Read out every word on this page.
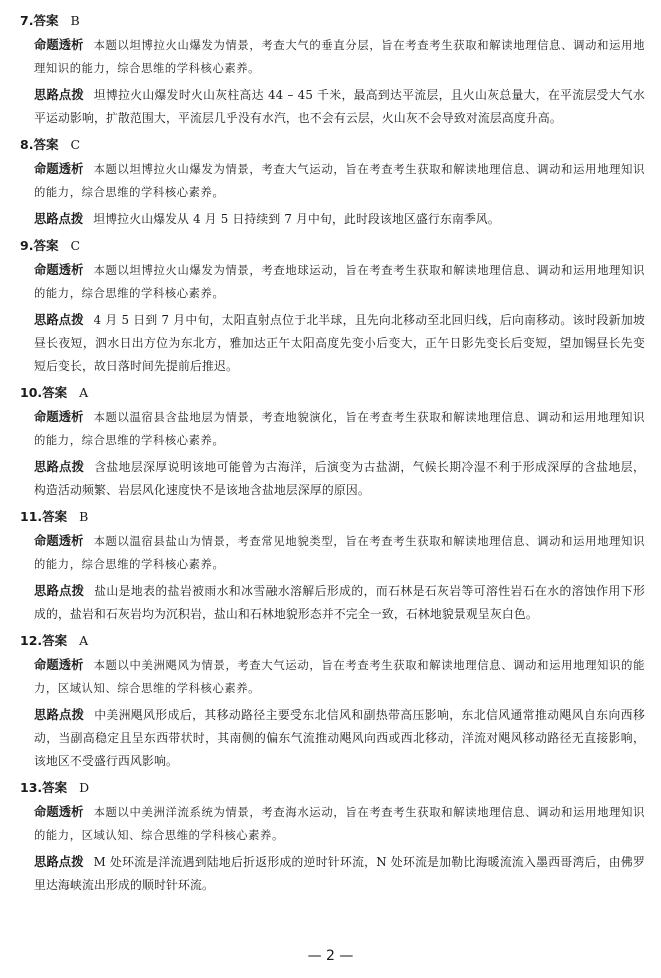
7.答案 B

命题透析 本题以坦博拉火山爆发为情景，考查大气的垂直分层，旨在考查考生获取和解读地理信息、调动和运用地理知识的能力，综合思维的学科核心素养。

思路点拨 坦博拉火山爆发时火山灰柱高达 44 – 45 千米，最高到达平流层，且火山灰总量大，在平流层受大气水平运动影响，扩散范围大，平流层几乎没有水汽，也不会有云层，火山灰不会导致对流层高度升高。

8.答案 C

命题透析 本题以坦博拉火山爆发为情景，考查大气运动，旨在考查考生获取和解读地理信息、调动和运用地理知识的能力，综合思维的学科核心素养。

思路点拨 坦博拉火山爆发从 4 月 5 日持续到 7 月中旬，此时段该地区盛行东南季风。

9.答案 C

命题透析 本题以坦博拉火山爆发为情景，考查地球运动，旨在考查考生获取和解读地理信息、调动和运用地理知识的能力，综合思维的学科核心素养。

思路点拨 4 月 5 日到 7 月中旬，太阳直射点位于北半球，且先向北移动至北回归线，后向南移动。该时段新加坡昼长夜短，泗水日出方位为东北方，雅加达正午太阳高度先变小后变大，正午日影先变长后变短，望加锡昼长先变短后变长，故日落时间先提前后推迟。

10.答案 A

命题透析 本题以温宿县含盐地层为情景，考查地貌演化，旨在考查考生获取和解读地理信息、调动和运用地理知识的能力，综合思维的学科核心素养。

思路点拨 含盐地层深厚说明该地可能曾为古海洋，后演变为古盐湖，气候长期冷湿不利于形成深厚的含盐地层，构造活动频繁、岩层风化速度快不是该地含盐地层深厚的原因。

11.答案 B

命题透析 本题以温宿县盐山为情景，考查常见地貌类型，旨在考查考生获取和解读地理信息、调动和运用地理知识的能力，综合思维的学科核心素养。

思路点拨 盐山是地表的盐岩被雨水和冰雪融水溶解后形成的，而石林是石灰岩等可溶性岩石在水的溶蚀作用下形成的，盐岩和石灰岩均为沉积岩，盐山和石林地貌形态并不完全一致，石林地貌景观呈灰白色。

12.答案 A

命题透析 本题以中美洲飓风为情景，考查大气运动，旨在考查考生获取和解读地理信息、调动和运用地理知识的能力，区域认知、综合思维的学科核心素养。

思路点拨 中美洲飓风形成后，其移动路径主要受东北信风和副热带高压影响，东北信风通常推动飓风自东向西移动，当副高稳定且呈东西带状时，其南侧的偏东气流推动飓风向西或西北移动，洋流对飓风移动路径无直接影响，该地区不受盛行西风影响。

13.答案 D

命题透析 本题以中美洲洋流系统为情景，考查海水运动，旨在考查考生获取和解读地理信息、调动和运用地理知识的能力，区域认知、综合思维的学科核心素养。

思路点拨 M 处环流是洋流遇到陆地后折返形成的逆时针环流，N 处环流是加勒比海暖流流入墨西哥湾后，由佛罗里达海峡流出形成的顺时针环流。

— 2 —
